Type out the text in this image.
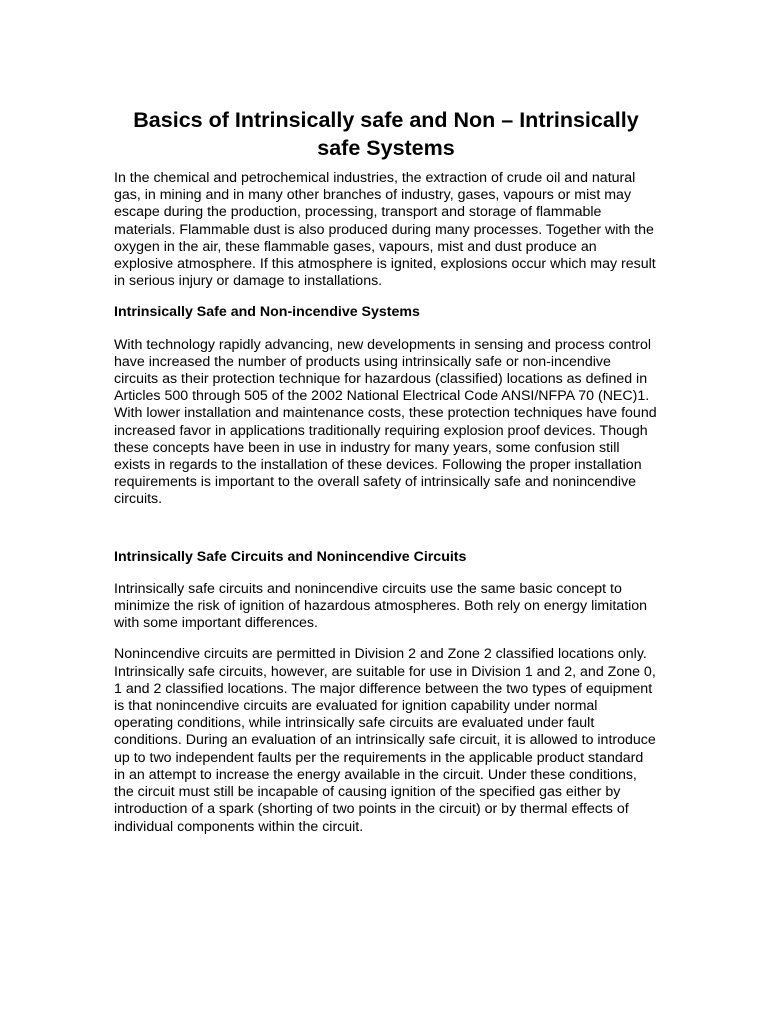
Basics of Intrinsically safe and Non – Intrinsically safe Systems

In the chemical and petrochemical industries, the extraction of crude oil and natural gas, in mining and in many other branches of industry, gases, vapours or mist may escape during the production, processing, transport and storage of flammable materials. Flammable dust is also produced during many processes. Together with the oxygen in the air, these flammable gases, vapours, mist and dust produce an explosive atmosphere. If this atmosphere is ignited, explosions occur which may result in serious injury or damage to installations.

Intrinsically Safe and Non-incendive Systems

With technology rapidly advancing, new developments in sensing and process control have increased the number of products using intrinsically safe or non-incendive circuits as their protection technique for hazardous (classified) locations as defined in Articles 500 through 505 of the 2002 National Electrical Code ANSI/NFPA 70 (NEC)1. With lower installation and maintenance costs, these protection techniques have found increased favor in applications traditionally requiring explosion proof devices. Though these concepts have been in use in industry for many years, some confusion still exists in regards to the installation of these devices. Following the proper installation requirements is important to the overall safety of intrinsically safe and nonincendive circuits.

Intrinsically Safe Circuits and Nonincendive Circuits

Intrinsically safe circuits and nonincendive circuits use the same basic concept to minimize the risk of ignition of hazardous atmospheres. Both rely on energy limitation with some important differences.

Nonincendive circuits are permitted in Division 2 and Zone 2 classified locations only. Intrinsically safe circuits, however, are suitable for use in Division 1 and 2, and Zone 0, 1 and 2 classified locations. The major difference between the two types of equipment is that nonincendive circuits are evaluated for ignition capability under normal operating conditions, while intrinsically safe circuits are evaluated under fault conditions. During an evaluation of an intrinsically safe circuit, it is allowed to introduce up to two independent faults per the requirements in the applicable product standard in an attempt to increase the energy available in the circuit. Under these conditions, the circuit must still be incapable of causing ignition of the specified gas either by introduction of a spark (shorting of two points in the circuit) or by thermal effects of individual components within the circuit.
